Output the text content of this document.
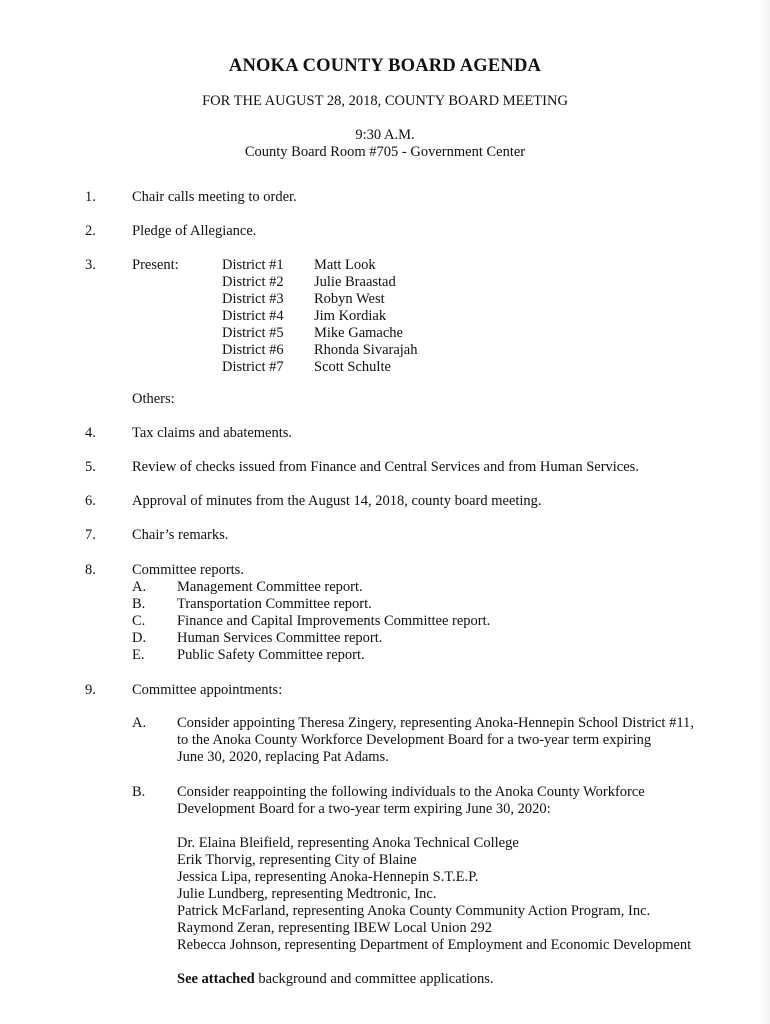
ANOKA COUNTY BOARD AGENDA
FOR THE AUGUST 28, 2018, COUNTY BOARD MEETING
9:30 A.M.
County Board Room #705 - Government Center
1. Chair calls meeting to order.
2. Pledge of Allegiance.
3. Present:	District #1 Matt Look
District #2 Julie Braastad
District #3 Robyn West
District #4 Jim Kordiak
District #5 Mike Gamache
District #6 Rhonda Sivarajah
District #7 Scott Schulte
Others:
4. Tax claims and abatements.
5. Review of checks issued from Finance and Central Services and from Human Services.
6. Approval of minutes from the August 14, 2018, county board meeting.
7. Chair’s remarks.
8. Committee reports.
A. Management Committee report.
B. Transportation Committee report.
C. Finance and Capital Improvements Committee report.
D. Human Services Committee report.
E. Public Safety Committee report.
9. Committee appointments:
A. Consider appointing Theresa Zingery, representing Anoka-Hennepin School District #11,
to the Anoka County Workforce Development Board for a two-year term expiring
June 30, 2020, replacing Pat Adams.
B. Consider reappointing the following individuals to the Anoka County Workforce
Development Board for a two-year term expiring June 30, 2020:
Dr. Elaina Bleifield, representing Anoka Technical College
Erik Thorvig, representing City of Blaine
Jessica Lipa, representing Anoka-Hennepin S.T.E.P.
Julie Lundberg, representing Medtronic, Inc.
Patrick McFarland, representing Anoka County Community Action Program, Inc.
Raymond Zeran, representing IBEW Local Union 292
Rebecca Johnson, representing Department of Employment and Economic Development
See attached background and committee applications.
